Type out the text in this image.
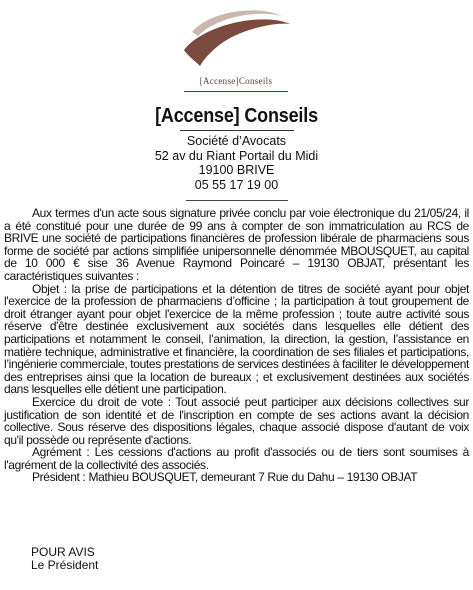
[Accense]Conseils
[Accense] Conseils
Société d’Avocats
52 av du Riant Portail du Midi
19100 BRIVE
05 55 17 19 00

Aux termes d'un acte sous signature privée conclu par voie électronique du 21/05/24, il a été constitué pour une durée de 99 ans à compter de son immatriculation au RCS de BRIVE une société de participations financières de profession libérale de pharmaciens sous forme de société par actions simplifiée unipersonnelle dénommée MBOUSQUET, au capital de 10 000 € sise 36 Avenue Raymond Poincaré – 19130 OBJAT, présentant les caractéristiques suivantes :

Objet : la prise de participations et la détention de titres de société ayant pour objet l'exercice de la profession de pharmaciens d’officine ; la participation à tout groupement de droit étranger ayant pour objet l'exercice de la même profession ; toute autre activité sous réserve d'être destinée exclusivement aux sociétés dans lesquelles elle détient des participations et notamment le conseil, l’animation, la direction, la gestion, l’assistance en matière technique, administrative et financière, la coordination de ses filiales et participations, l’ingénierie commerciale, toutes prestations de services destinées à faciliter le développement des entreprises ainsi que la location de bureaux ; et exclusivement destinées aux sociétés dans lesquelles elle détient une participation.

Exercice du droit de vote : Tout associé peut participer aux décisions collectives sur justification de son identité et de l'inscription en compte de ses actions avant la décision collective. Sous réserve des dispositions légales, chaque associé dispose d'autant de voix qu'il possède ou représente d'actions.

Agrément : Les cessions d'actions au profit d'associés ou de tiers sont soumises à l'agrément de la collectivité des associés.

Président : Mathieu BOUSQUET, demeurant 7 Rue du Dahu – 19130 OBJAT

POUR AVIS
Le Président
